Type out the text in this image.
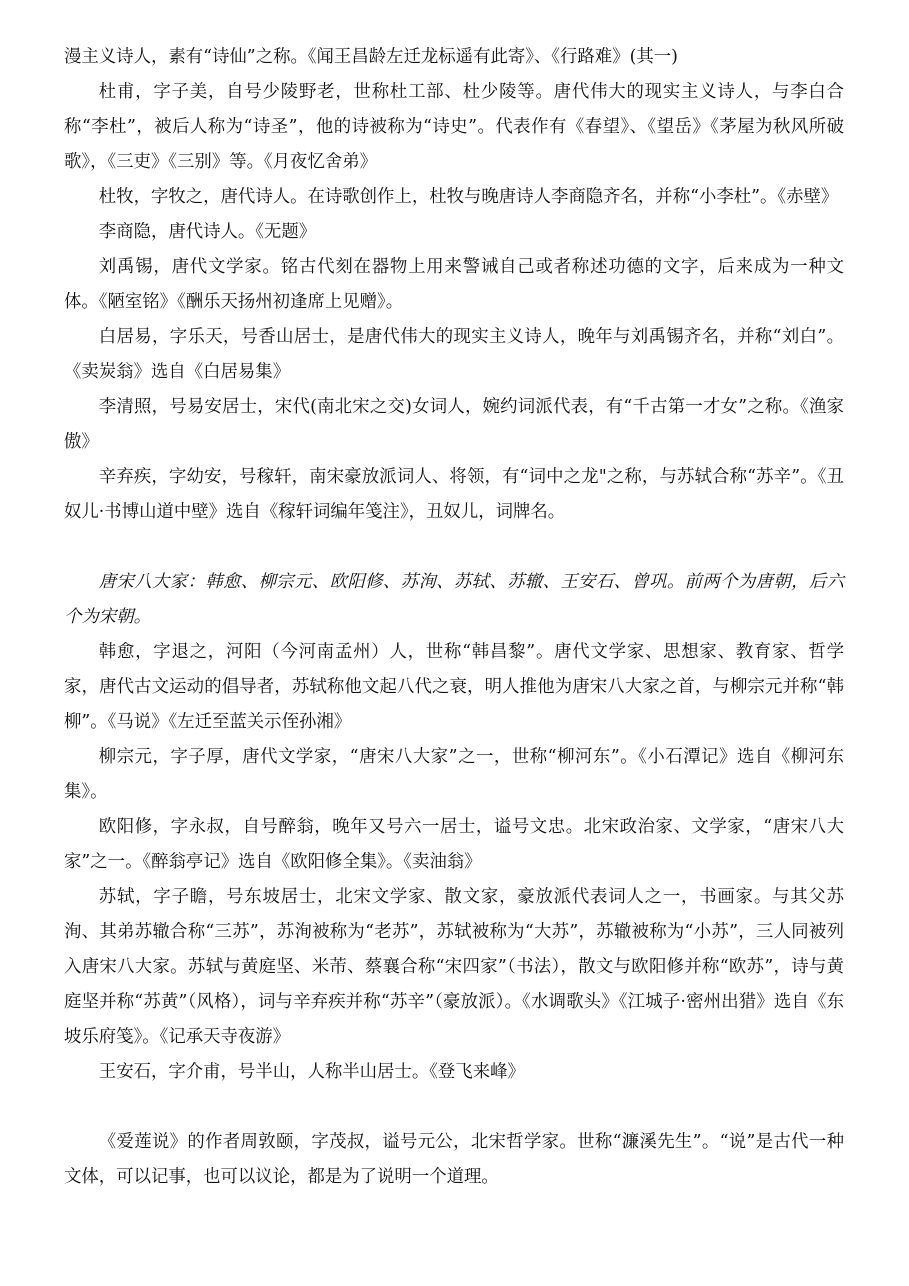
漫主义诗人，素有“诗仙”之称。《闻王昌龄左迁龙标遥有此寄》、《行路难》(其一)

杜甫，字子美，自号少陵野老，世称杜工部、杜少陵等。唐代伟大的现实主义诗人，与李白合称“李杜”，被后人称为“诗圣”，他的诗被称为“诗史”。代表作有《春望》、《望岳》《茅屋为秋风所破歌》，《三吏》《三别》等。《月夜忆舍弟》

杜牧，字牧之，唐代诗人。在诗歌创作上，杜牧与晚唐诗人李商隐齐名，并称“小李杜”。《赤壁》

李商隐，唐代诗人。《无题》

刘禹锡，唐代文学家。铭古代刻在器物上用来警诫自己或者称述功德的文字，后来成为一种文体。《陋室铭》《酬乐天扬州初逢席上见赠》。

白居易，字乐天，号香山居士，是唐代伟大的现实主义诗人，晚年与刘禹锡齐名，并称“刘白”。《卖炭翁》选自《白居易集》

李清照，号易安居士，宋代(南北宋之交)女词人，婉约词派代表，有“千古第一才女”之称。《渔家傲》

辛弃疾，字幼安，号稼轩，南宋豪放派词人、将领，有“词中之龙"之称，与苏轼合称“苏辛”。《丑奴儿·书博山道中壁》选自《稼轩词编年笺注》，丑奴儿，词牌名。

唐宋八大家：韩愈、柳宗元、欧阳修、苏洵、苏轼、苏辙、王安石、曾巩。前两个为唐朝，后六个为宋朝。

韩愈，字退之，河阳（今河南孟州）人，世称“韩昌黎”。唐代文学家、思想家、教育家、哲学家，唐代古文运动的倡导者，苏轼称他文起八代之衰，明人推他为唐宋八大家之首，与柳宗元并称“韩柳”。《马说》《左迁至蓝关示侄孙湘》

柳宗元，字子厚，唐代文学家，“唐宋八大家”之一，世称“柳河东”。《小石潭记》选自《柳河东集》。

欧阳修，字永叔，自号醉翁，晚年又号六一居士，谥号文忠。北宋政治家、文学家，“唐宋八大家”之一。《醉翁亭记》选自《欧阳修全集》。《卖油翁》

苏轼，字子瞻，号东坡居士，北宋文学家、散文家，豪放派代表词人之一，书画家。与其父苏洵、其弟苏辙合称“三苏”，苏洵被称为“老苏”，苏轼被称为“大苏”，苏辙被称为“小苏”，三人同被列入唐宋八大家。苏轼与黄庭坚、米芾、蔡襄合称“宋四家”（书法），散文与欧阳修并称“欧苏”，诗与黄庭坚并称“苏黄”（风格），词与辛弃疾并称“苏辛”（豪放派）。《水调歌头》《江城子·密州出猎》选自《东坡乐府笺》。《记承天寺夜游》

王安石，字介甫，号半山，人称半山居士。《登飞来峰》

《爱莲说》的作者周敦颐，字茂叔，谥号元公，北宋哲学家。世称“濂溪先生”。“说”是古代一种文体，可以记事，也可以议论，都是为了说明一个道理。
